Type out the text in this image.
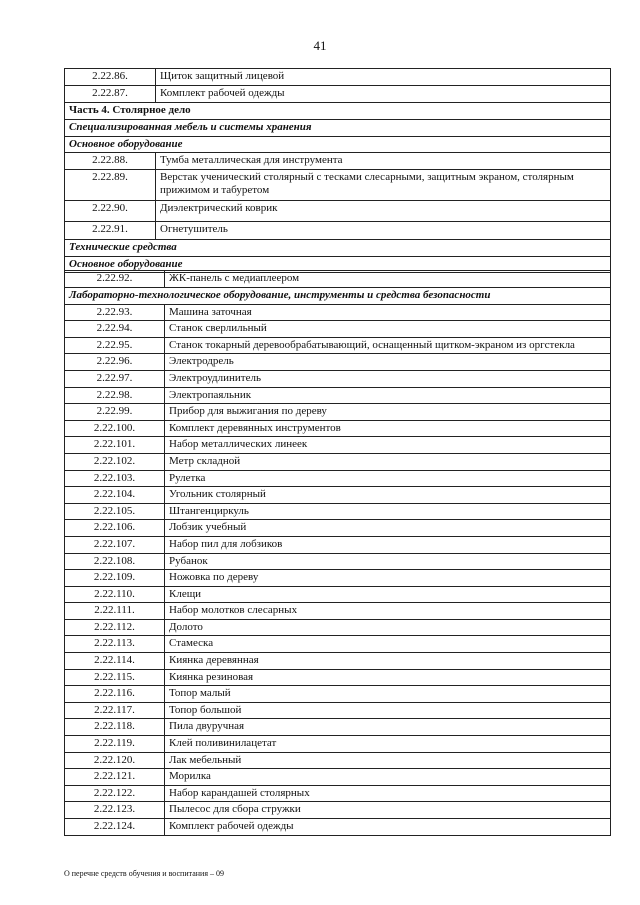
41
2.22.86.	Щиток защитный лицевой
2.22.87.	Комплект рабочей одежды
Часть 4. Столярное дело	
Специализированная мебель и системы хранения	
Основное оборудование	
2.22.88.	Тумба металлическая для инструмента
2.22.89.	Верстак ученический столярный с тесками слесарными, защитным экраном, столярным прижимом и табуретом
2.22.90.	Диэлектрический коврик
2.22.91.	Огнетушитель
Технические средства	
Основное оборудование	
2.22.92.	ЖК-панель с медиаплеером
Лабораторно-технологическое оборудование, инструменты и средства безопасности	
2.22.93.	Машина заточная
2.22.94.	Станок сверлильный
2.22.95.	Станок токарный деревообрабатывающий, оснащенный щитком-экраном из оргстекла
2.22.96.	Электродрель
2.22.97.	Электроудлинитель
2.22.98.	Электропаяльник
2.22.99.	Прибор для выжигания по дереву
2.22.100.	Комплект деревянных инструментов
2.22.101.	Набор металлических линеек
2.22.102.	Метр складной
2.22.103.	Рулетка
2.22.104.	Угольник столярный
2.22.105.	Штангенциркуль
2.22.106.	Лобзик учебный
2.22.107.	Набор пил для лобзиков
2.22.108.	Рубанок
2.22.109.	Ножовка по дереву
2.22.110.	Клещи
2.22.111.	Набор молотков слесарных
2.22.112.	Долото
2.22.113.	Стамеска
2.22.114.	Киянка деревянная
2.22.115.	Киянка резиновая
2.22.116.	Топор малый
2.22.117.	Топор большой
2.22.118.	Пила двуручная
2.22.119.	Клей поливинилацетат
2.22.120.	Лак мебельный
2.22.121.	Морилка
2.22.122.	Набор карандашей столярных
2.22.123.	Пылесос для сбора стружки
2.22.124.	Комплект рабочей одежды
О перечне средств обучения и воспитания – 09
